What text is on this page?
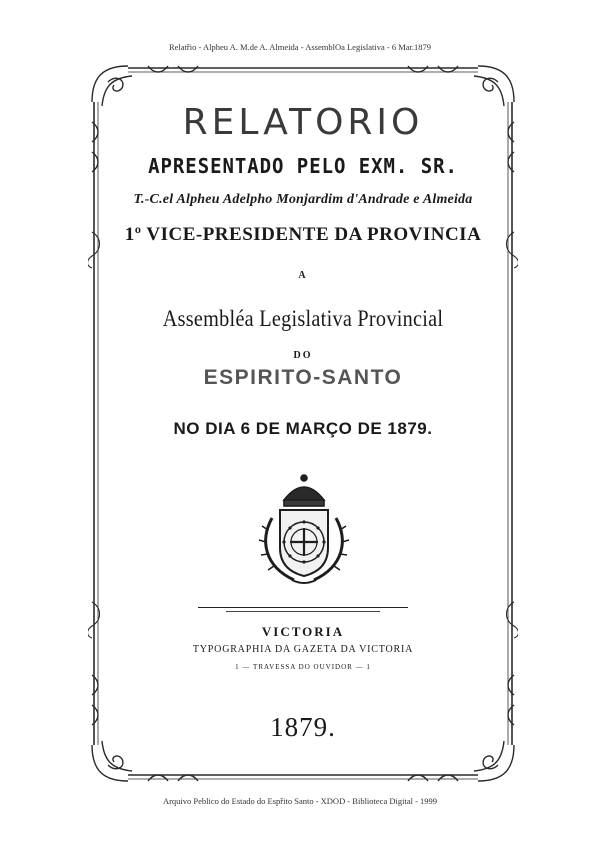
Relatřio - Alpheu A. M.de A. Almeida - AssemblOa Legislativa - 6 Mar.1879
RELATORIO
APRESENTADO PELO EXM. SR.
T.-C.el Alpheu Adelpho Monjardim d'Andrade e Almeida
1º VICE-PRESIDENTE DA PROVINCIA
A
Assembléa Legislativa Provincial
DO
ESPIRITO-SANTO
NO DIA 6 DE MARÇO DE 1879.
VICTORIA
TYPOGRAPHIA DA GAZETA DA VICTORIA
1 — TRAVESSA DO OUVIDOR — 1
1879.
Arquivo Peblico do Estado do Espřito Santo - XDOD - Biblioteca Digital - 1999
